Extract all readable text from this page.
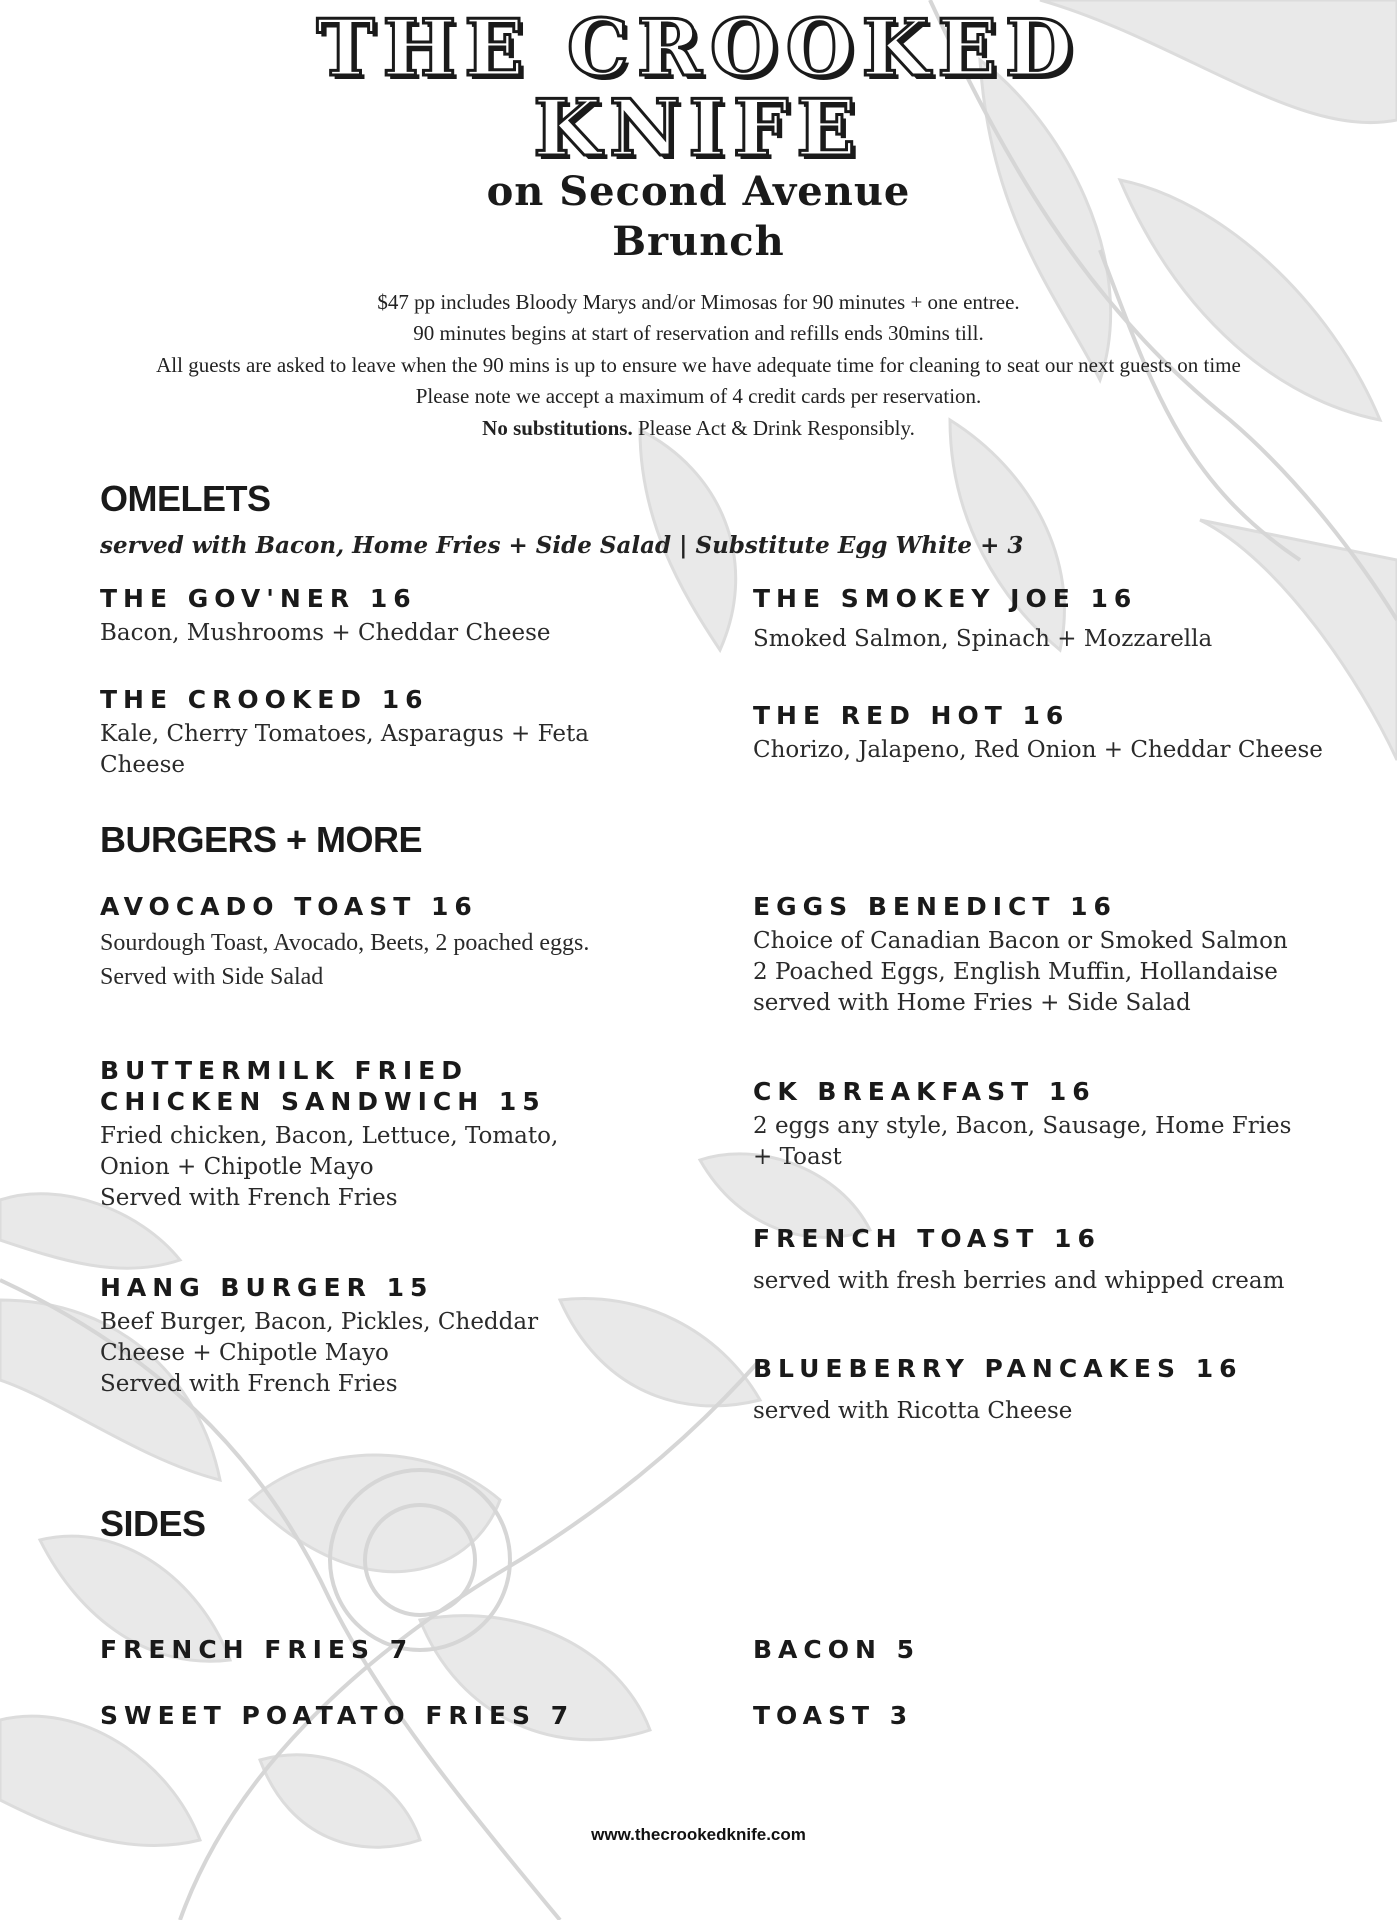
THE CROOKED
KNIFE
on Second Avenue
Brunch
$47 pp includes Bloody Marys and/or Mimosas for 90 minutes + one entree.
90 minutes begins at start of reservation and refills ends 30mins till.
All guests are asked to leave when the 90 mins is up to ensure we have adequate time for cleaning to seat our next guests on time
Please note we accept a maximum of 4 credit cards per reservation.
No substitutions. Please Act & Drink Responsibly.
OMELETS
served with Bacon, Home Fries + Side Salad | Substitute Egg White + 3
THE GOV'NER 16
Bacon, Mushrooms + Cheddar Cheese
THE SMOKEY JOE 16
Smoked Salmon, Spinach + Mozzarella
THE CROOKED 16
Kale, Cherry Tomatoes, Asparagus + Feta Cheese
THE RED HOT 16
Chorizo, Jalapeno, Red Onion + Cheddar Cheese
BURGERS + MORE
AVOCADO TOAST 16
Sourdough Toast, Avocado, Beets, 2 poached eggs. Served with Side Salad
EGGS BENEDICT 16
Choice of Canadian Bacon or Smoked Salmon
2 Poached Eggs, English Muffin, Hollandaise served with Home Fries + Side Salad
BUTTERMILK FRIED CHICKEN SANDWICH 15
Fried chicken, Bacon, Lettuce, Tomato, Onion + Chipotle Mayo
Served with French Fries
CK BREAKFAST 16
2 eggs any style, Bacon, Sausage, Home Fries + Toast
FRENCH TOAST 16
served with fresh berries and whipped cream
HANG BURGER 15
Beef Burger, Bacon, Pickles, Cheddar Cheese + Chipotle Mayo
Served with French Fries
BLUEBERRY PANCAKES 16
served with Ricotta Cheese
SIDES
FRENCH FRIES 7	BACON 5
SWEET POATATO FRIES 7	TOAST 3
www.thecrookedknife.com
